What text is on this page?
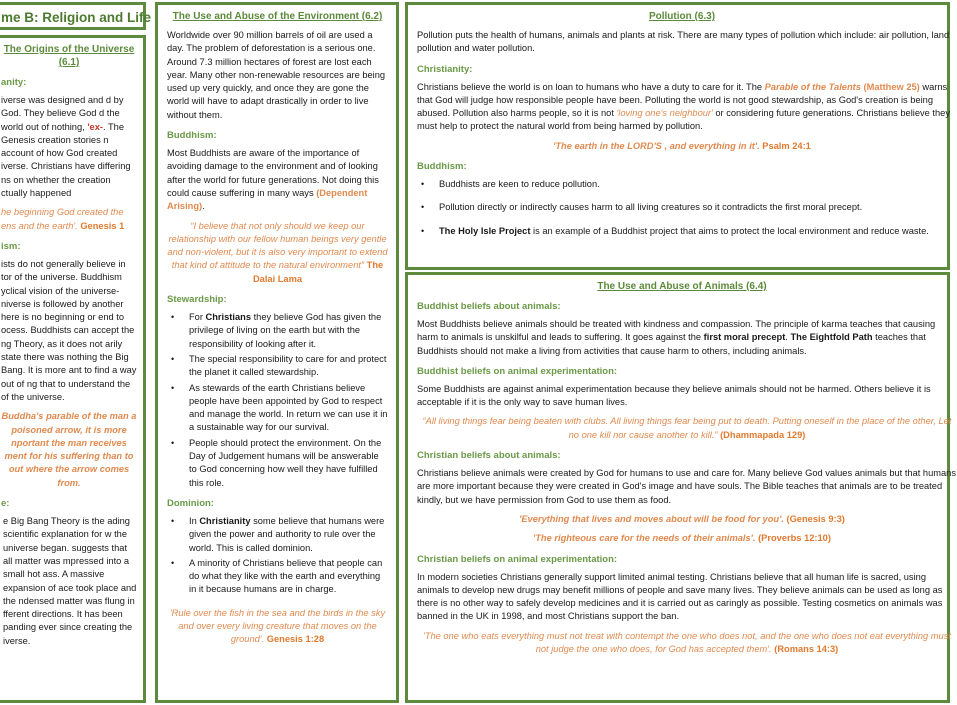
me B: Religion and Life
The Origins of the Universe (6.1)
anity:

iverse was designed and d by God. They believe God d the world out of nothing, 'ex-. The Genesis creation stories n account of how God created iverse. Christians have differing ns on whether the creation ctually happened

he beginning God created the ens and the earth'. Genesis 1

ism:

ists do not generally believe in tor of the universe. Buddhism yclical vision of the universe- niverse is followed by another here is no beginning or end to ocess. Buddhists can accept the ng Theory, as it does not arily state there was nothing the Big Bang. It is more ant to find a way out of ng that to understand the of the universe.

Buddha's parable of the man a poisoned arrow, it is more nportant the man receives ment for his suffering than to out where the arrow comes from.

e:

e Big Bang Theory is the ading scientific explanation for w the universe began. suggests that all matter was mpressed into a small hot ass. A massive expansion of ace took place and the ndensed matter was flung in fferent directions. It has been panding ever since creating the iverse.

The Use and Abuse of the Environment (6.2)

Worldwide over 90 million barrels of oil are used a day. The problem of deforestation is a serious one. Around 7.3 million hectares of forest are lost each year. Many other non-renewable resources are being used up very quickly, and once they are gone the world will have to adapt drastically in order to live without them.

Buddhism:

Most Buddhists are aware of the importance of avoiding damage to the environment and of looking after the world for future generations. Not doing this could cause suffering in many ways (Dependent Arising).

“I believe that not only should we keep our relationship with our fellow human beings very gentle and non-violent, but it is also very important to extend that kind of attitude to the natural environment” The Dalai Lama

Stewardship:
• For Christians they believe God has given the privilege of living on the earth but with the responsibility of looking after it.
• The special responsibility to care for and protect the planet it called stewardship.
• As stewards of the earth Christians believe people have been appointed by God to respect and manage the world. In return we can use it in a sustainable way for our survival.
• People should protect the environment. On the Day of Judgement humans will be answerable to God concerning how well they have fulfilled this role.
Dominion:
• In Christianity some believe that humans were given the power and authority to rule over the world. This is called dominion.
• A minority of Christians believe that people can do what they like with the earth and everything in it because humans are in charge.

'Rule over the fish in the sea and the birds in the sky and over every living creature that moves on the ground'. Genesis 1:28

Pollution (6.3)

Pollution puts the health of humans, animals and plants at risk. There are many types of pollution which include: air pollution, land pollution and water pollution.

Christianity:

Christians believe the world is on loan to humans who have a duty to care for it. The Parable of the Talents (Matthew 25) warns that God will judge how responsible people have been. Polluting the world is not good stewardship, as God's creation is being abused. Pollution also harms people, so it is not 'loving one's neighbour' or considering future generations. Christians believe they must help to protect the natural world from being harmed by pollution.

'The earth in the LORD'S , and everything in it'. Psalm 24:1

Buddhism:
• Buddhists are keen to reduce pollution.
• Pollution directly or indirectly causes harm to all living creatures so it contradicts the first moral precept.
• The Holy Isle Project is an example of a Buddhist project that aims to protect the local environment and reduce waste.
The Use and Abuse of Animals (6.4)
Buddhist beliefs about animals:

Most Buddhists believe animals should be treated with kindness and compassion. The principle of karma teaches that causing harm to animals is unskilful and leads to suffering. It goes against the first moral precept. The Eightfold Path teaches that Buddhists should not make a living from activities that cause harm to others, including animals.

Buddhist beliefs on animal experimentation:

Some Buddhists are against animal experimentation because they believe animals should not be harmed. Others believe it is acceptable if it is the only way to save human lives.

“All living things fear being beaten with clubs. All living things fear being put to death. Putting oneself in the place of the other, Let no one kill nor cause another to kill.” (Dhammapada 129)

Christian beliefs about animals:

Christians believe animals were created by God for humans to use and care for. Many believe God values animals but that humans are more important because they were created in God's image and have souls. The Bible teaches that animals are to be treated kindly, but we have permission from God to use them as food.

'Everything that lives and moves about will be food for you'. (Genesis 9:3)

'The righteous care for the needs of their animals'. (Proverbs 12:10)

Christian beliefs on animal experimentation:

In modern societies Christians generally support limited animal testing. Christians believe that all human life is sacred, using animals to develop new drugs may benefit millions of people and save many lives. They believe animals can be used as long as there is no other way to safely develop medicines and it is carried out as caringly as possible. Testing cosmetics on animals was banned in the UK in 1998, and most Christians support the ban.

'The one who eats everything must not treat with contempt the one who does not, and the one who does not eat everything must not judge the one who does, for God has accepted them'. (Romans 14:3)
